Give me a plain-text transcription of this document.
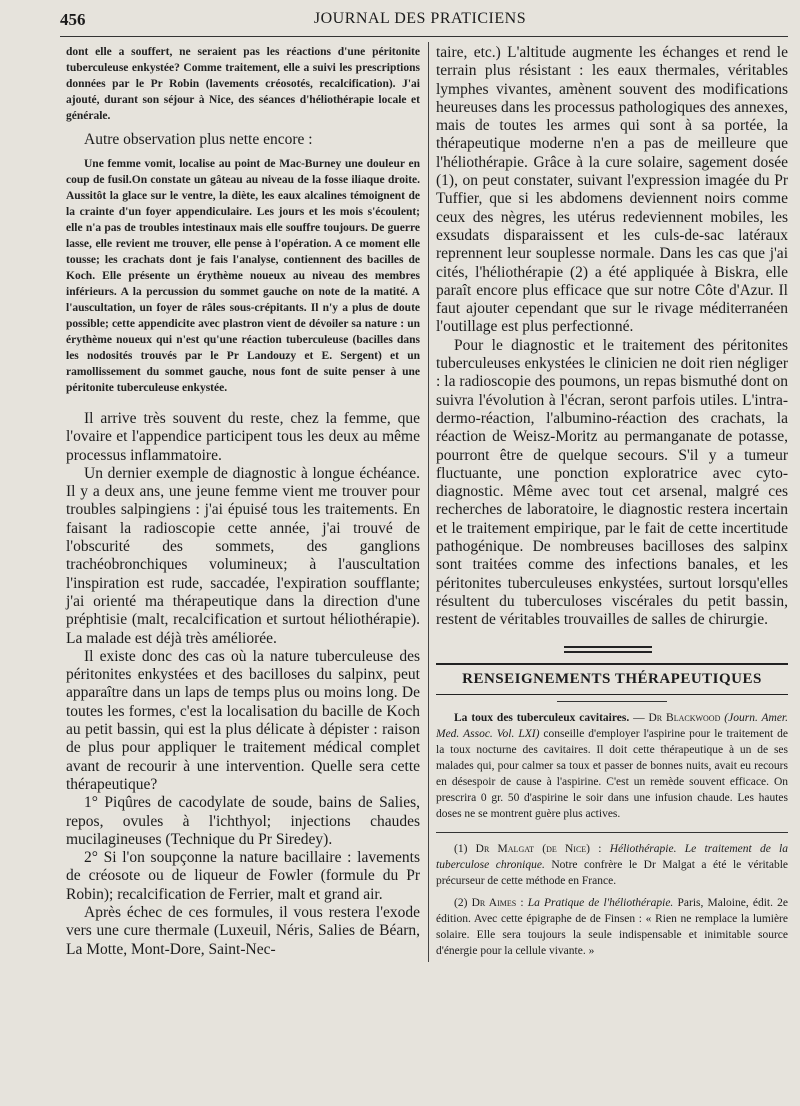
456	JOURNAL DES PRATICIENS

dont elle a souffert, ne seraient pas les réactions d'une péritonite tuberculeuse enkystée? Comme traitement, elle a suivi les prescriptions données par le Pr Robin (lavements créosotés, recalcification). J'ai ajouté, durant son séjour à Nice, des séances d'héliothérapie locale et générale.

Autre observation plus nette encore :

Une femme vomit, localise au point de Mac-Burney une douleur en coup de fusil.On constate un gâteau au niveau de la fosse iliaque droite. Aussitôt la glace sur le ventre, la diète, les eaux alcalines témoignent de la crainte d'un foyer appendiculaire. Les jours et les mois s'écoulent; elle n'a pas de troubles intestinaux mais elle souffre toujours. De guerre lasse, elle revient me trouver, elle pense à l'opération. A ce moment elle tousse; les crachats dont je fais l'analyse, contiennent des bacilles de Koch. Elle présente un érythème noueux au niveau des membres inférieurs. A la percussion du sommet gauche on note de la matité. A l'auscultation, un foyer de râles sous-crépitants. Il n'y a plus de doute possible; cette appendicite avec plastron vient de dévoiler sa nature : un érythème noueux qui n'est qu'une réaction tuberculeuse (bacilles dans les nodosités trouvés par le Pr Landouzy et E. Sergent) et un ramollissement du sommet gauche, nous font de suite penser à une péritonite tuberculeuse enkystée.

Il arrive très souvent du reste, chez la femme, que l'ovaire et l'appendice participent tous les deux au même processus inflammatoire.

Un dernier exemple de diagnostic à longue échéance. Il y a deux ans, une jeune femme vient me trouver pour troubles salpingiens : j'ai épuisé tous les traitements. En faisant la radioscopie cette année, j'ai trouvé de l'obscurité des sommets, des ganglions trachéobronchiques volumineux; à l'auscultation l'inspiration est rude, saccadée, l'expiration soufflante; j'ai orienté ma thérapeutique dans la direction d'une préphtisie (malt, recalcification et surtout héliothérapie). La malade est déjà très améliorée.

Il existe donc des cas où la nature tuberculeuse des péritonites enkystées et des bacilloses du salpinx, peut apparaître dans un laps de temps plus ou moins long. De toutes les formes, c'est la localisation du bacille de Koch au petit bassin, qui est la plus délicate à dépister : raison de plus pour appliquer le traitement médical complet avant de recourir à une intervention. Quelle sera cette thérapeutique?

1° Piqûres de cacodylate de soude, bains de Salies, repos, ovules à l'ichthyol; injections chaudes mucilagineuses (Technique du Pr Siredey).

2° Si l'on soupçonne la nature bacillaire : lavements de créosote ou de liqueur de Fowler (formule du Pr Robin); recalcification de Ferrier, malt et grand air.

Après échec de ces formules, il vous restera l'exode vers une cure thermale (Luxeuil, Néris, Salies de Béarn, La Motte, Mont-Dore, Saint-Nec-

taire, etc.) L'altitude augmente les échanges et rend le terrain plus résistant : les eaux thermales, véritables lymphes vivantes, amènent souvent des modifications heureuses dans les processus pathologiques des annexes, mais de toutes les armes qui sont à sa portée, la thérapeutique moderne n'en a pas de meilleure que l'héliothérapie. Grâce à la cure solaire, sagement dosée (1), on peut constater, suivant l'expression imagée du Pr Tuffier, que si les abdomens deviennent noirs comme ceux des nègres, les utérus redeviennent mobiles, les exsudats disparaissent et les culs-de-sac latéraux reprennent leur souplesse normale. Dans les cas que j'ai cités, l'héliothérapie (2) a été appliquée à Biskra, elle paraît encore plus efficace que sur notre Côte d'Azur. Il faut ajouter cependant que sur le rivage méditerranéen l'outillage est plus perfectionné.

Pour le diagnostic et le traitement des péritonites tuberculeuses enkystées le clinicien ne doit rien négliger : la radioscopie des poumons, un repas bismuthé dont on suivra l'évolution à l'écran, seront parfois utiles. L'intra-dermo-réaction, l'albumino-réaction des crachats, la réaction de Weisz-Moritz au permanganate de potasse, pourront être de quelque secours. S'il y a tumeur fluctuante, une ponction exploratrice avec cyto-diagnostic. Même avec tout cet arsenal, malgré ces recherches de laboratoire, le diagnostic restera incertain et le traitement empirique, par le fait de cette incertitude pathogénique. De nombreuses bacilloses des salpinx sont traitées comme des infections banales, et les péritonites tuberculeuses enkystées, surtout lorsqu'elles résultent du tuberculoses viscérales du petit bassin, restent de véritables trouvailles de salles de chirurgie.

RENSEIGNEMENTS THÉRAPEUTIQUES

La toux des tuberculeux cavitaires. — Dr Blackwood (Journ. Amer. Med. Assoc. Vol. LXI) conseille d'employer l'aspirine pour le traitement de la toux nocturne des cavitaires. Il doit cette thérapeutique à un de ses malades qui, pour calmer sa toux et passer de bonnes nuits, avait eu recours en désespoir de cause à l'aspirine. C'est un remède souvent efficace. On prescrira 0 gr. 50 d'aspirine le soir dans une infusion chaude. Les hautes doses ne se montrent guère plus actives.

(1) Dr Malgat (de Nice) : Héliothérapie. Le traitement de la tuberculose chronique. Notre confrère le Dr Malgat a été le véritable précurseur de cette méthode en France.

(2) Dr Aimes : La Pratique de l'héliothérapie. Paris, Maloine, édit. 2e édition. Avec cette épigraphe de de Finsen : « Rien ne remplace la lumière solaire. Elle sera toujours la seule indispensable et inimitable source d'énergie pour la cellule vivante. »
